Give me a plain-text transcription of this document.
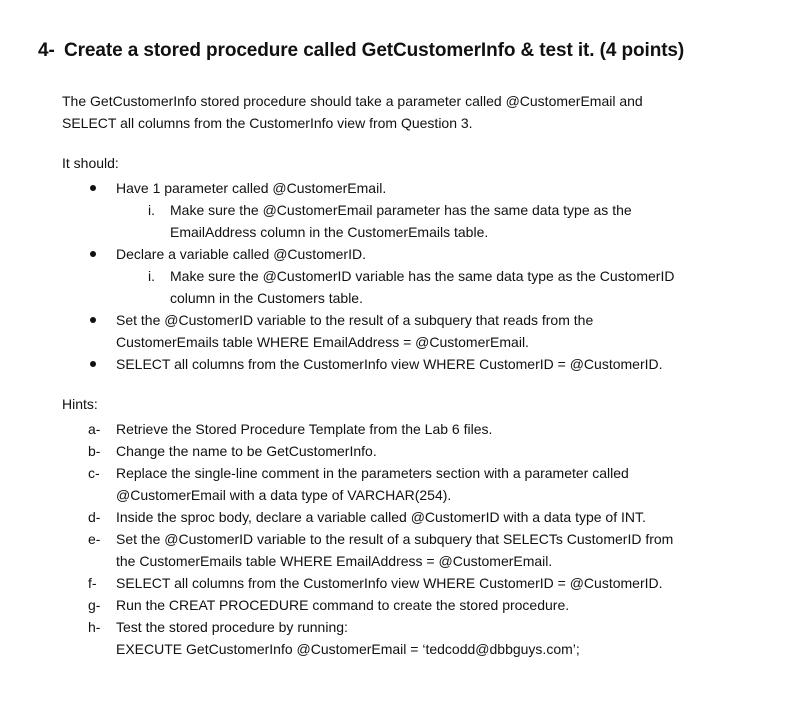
4- Create a stored procedure called GetCustomerInfo & test it. (4 points)
The GetCustomerInfo stored procedure should take a parameter called @CustomerEmail and
SELECT all columns from the CustomerInfo view from Question 3.
It should:
Have 1 parameter called @CustomerEmail.
i. Make sure the @CustomerEmail parameter has the same data type as the
EmailAddress column in the CustomerEmails table.
Declare a variable called @CustomerID.
i. Make sure the @CustomerID variable has the same data type as the CustomerID
column in the Customers table.
Set the @CustomerID variable to the result of a subquery that reads from the
CustomerEmails table WHERE EmailAddress = @CustomerEmail.
SELECT all columns from the CustomerInfo view WHERE CustomerID = @CustomerID.
Hints:
a- Retrieve the Stored Procedure Template from the Lab 6 files.
b- Change the name to be GetCustomerInfo.
c- Replace the single-line comment in the parameters section with a parameter called
@CustomerEmail with a data type of VARCHAR(254).
d- Inside the sproc body, declare a variable called @CustomerID with a data type of INT.
e- Set the @CustomerID variable to the result of a subquery that SELECTs CustomerID from
the CustomerEmails table WHERE EmailAddress = @CustomerEmail.
f- SELECT all columns from the CustomerInfo view WHERE CustomerID = @CustomerID.
g- Run the CREAT PROCEDURE command to create the stored procedure.
h- Test the stored procedure by running:
EXECUTE GetCustomerInfo @CustomerEmail = ‘tedcodd@dbbguys.com’;
